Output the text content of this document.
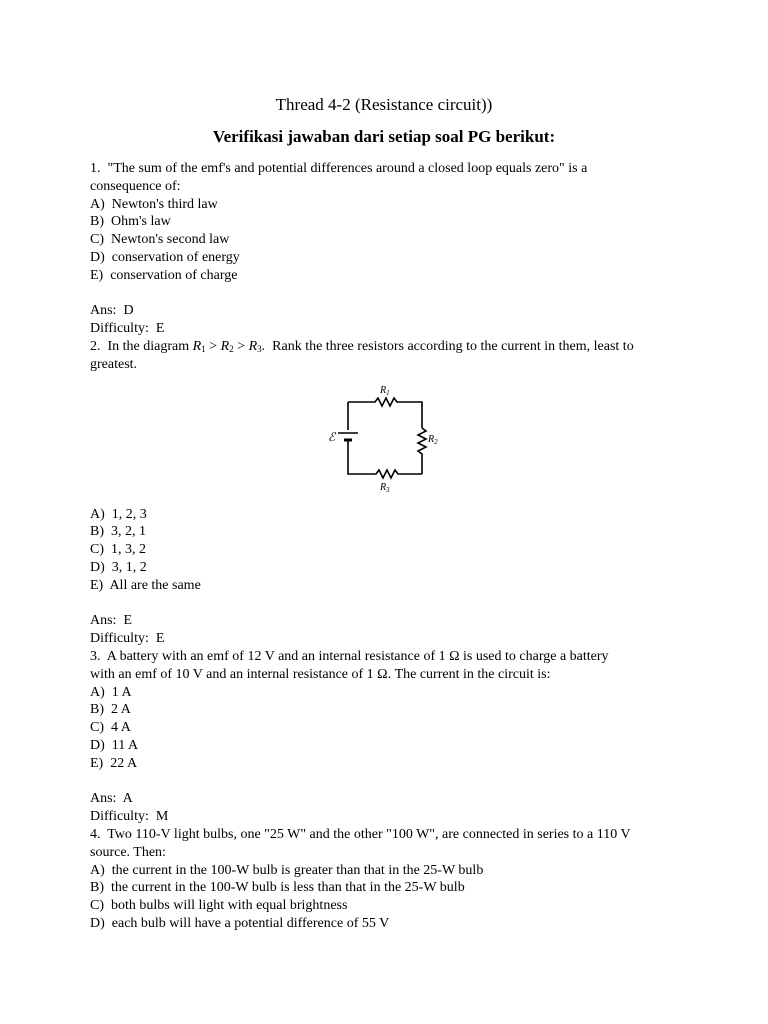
Thread 4-2 (Resistance circuit))
Verifikasi jawaban dari setiap soal PG berikut:
1.  "The sum of the emf's and potential differences around a closed loop equals zero" is a
consequence of:
A)  Newton's third law
B)  Ohm's law
C)  Newton's second law
D)  conservation of energy
E)  conservation of charge
Ans:  D
Difficulty:  E
2.  In the diagram $R_1 > R_2 > R_3$.  Rank the three resistors according to the current in them, least to
greatest.
ℰ
$R_1$
$R_2$
$R_3$
A)  1, 2, 3
B)  3, 2, 1
C)  1, 3, 2
D)  3, 1, 2
E)  All are the same
Ans:  E
Difficulty:  E
3.  A battery with an emf of 12 V and an internal resistance of 1 Ω is used to charge a battery
with an emf of 10 V and an internal resistance of 1 Ω. The current in the circuit is:
A)  1 A
B)  2 A
C)  4 A
D)  11 A
E)  22 A
Ans:  A
Difficulty:  M
4.  Two 110-V light bulbs, one "25 W" and the other "100 W", are connected in series to a 110 V
source. Then:
A)  the current in the 100-W bulb is greater than that in the 25-W bulb
B)  the current in the 100-W bulb is less than that in the 25-W bulb
C)  both bulbs will light with equal brightness
D)  each bulb will have a potential difference of 55 V
